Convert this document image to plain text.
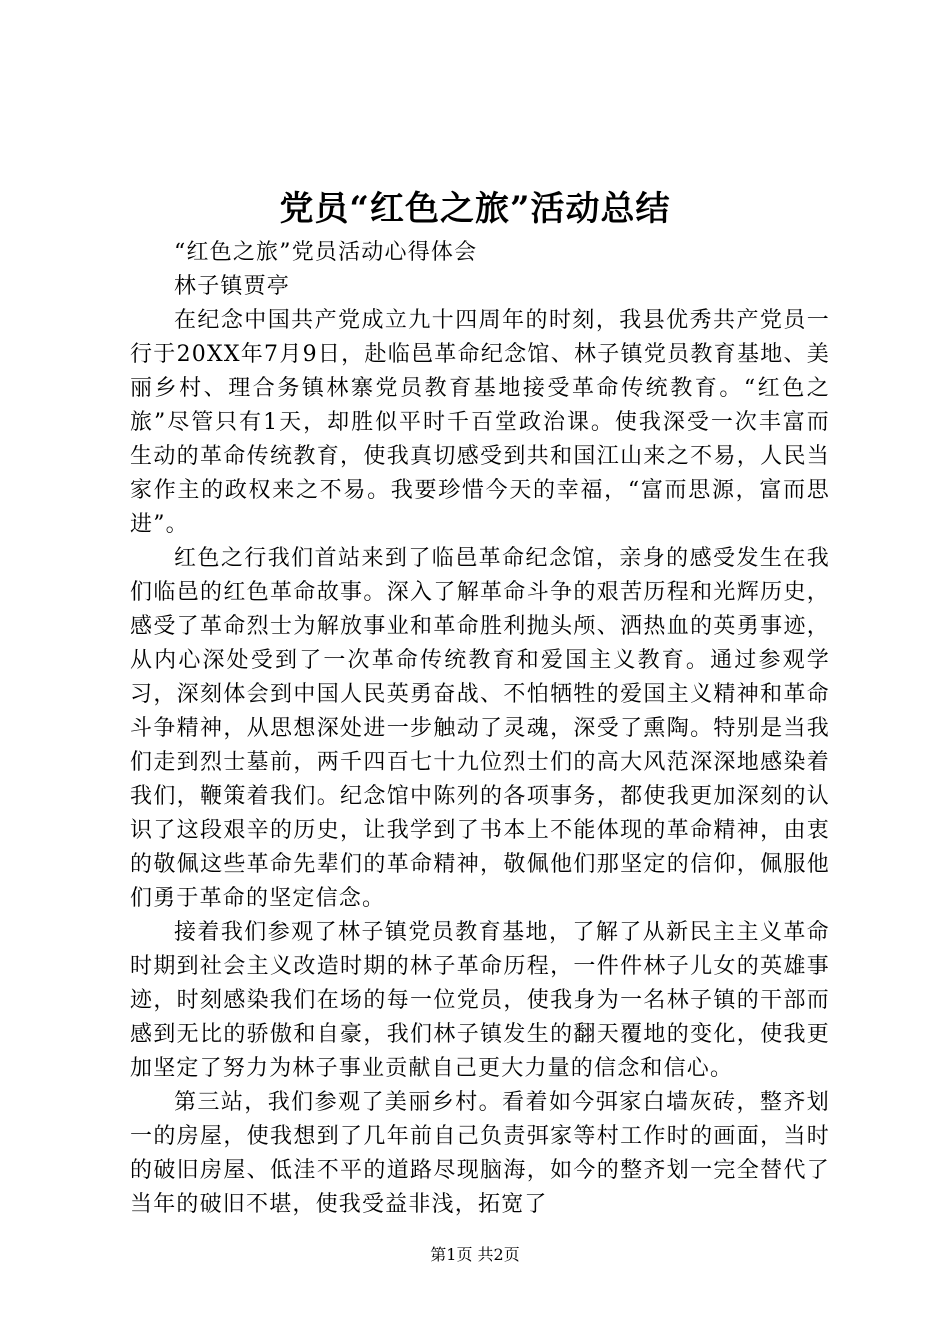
党员“红色之旅”活动总结

“红色之旅”党员活动心得体会

林子镇贾亭

在纪念中国共产党成立九十四周年的时刻，我县优秀共产党员一行于20XX年7月9日，赴临邑革命纪念馆、林子镇党员教育基地、美丽乡村、理合务镇林寨党员教育基地接受革命传统教育。“红色之旅”尽管只有1天，却胜似平时千百堂政治课。使我深受一次丰富而生动的革命传统教育，使我真切感受到共和国江山来之不易，人民当家作主的政权来之不易。我要珍惜今天的幸福，“富而思源，富而思进”。

红色之行我们首站来到了临邑革命纪念馆，亲身的感受发生在我们临邑的红色革命故事。深入了解革命斗争的艰苦历程和光辉历史，感受了革命烈士为解放事业和革命胜利抛头颅、洒热血的英勇事迹，从内心深处受到了一次革命传统教育和爱国主义教育。通过参观学习，深刻体会到中国人民英勇奋战、不怕牺牲的爱国主义精神和革命斗争精神，从思想深处进一步触动了灵魂，深受了熏陶。特别是当我们走到烈士墓前，两千四百七十九位烈士们的高大风范深深地感染着我们，鞭策着我们。纪念馆中陈列的各项事务，都使我更加深刻的认识了这段艰辛的历史，让我学到了书本上不能体现的革命精神，由衷的敬佩这些革命先辈们的革命精神，敬佩他们那坚定的信仰，佩服他们勇于革命的坚定信念。

接着我们参观了林子镇党员教育基地，了解了从新民主主义革命时期到社会主义改造时期的林子革命历程，一件件林子儿女的英雄事迹，时刻感染我们在场的每一位党员，使我身为一名林子镇的干部而感到无比的骄傲和自豪，我们林子镇发生的翻天覆地的变化，使我更加坚定了努力为林子事业贡献自己更大力量的信念和信心。

第三站，我们参观了美丽乡村。看着如今弭家白墙灰砖，整齐划一的房屋，使我想到了几年前自己负责弭家等村工作时的画面，当时的破旧房屋、低洼不平的道路尽现脑海，如今的整齐划一完全替代了当年的破旧不堪，使我受益非浅，拓宽了

第1页 共2页
